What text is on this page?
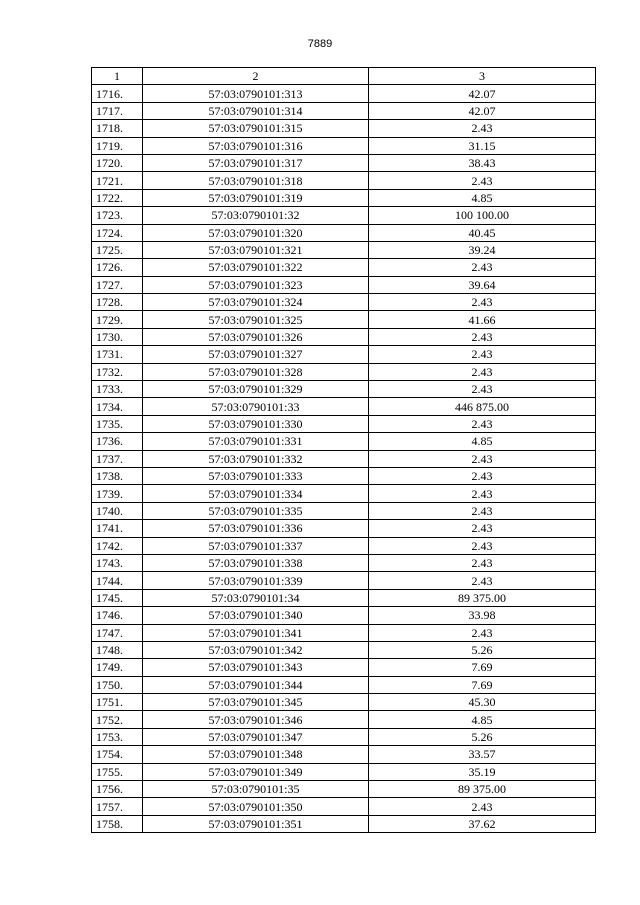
7889
1	2	3
1716.	57:03:0790101:313	42.07
1717.	57:03:0790101:314	42.07
1718.	57:03:0790101:315	2.43
1719.	57:03:0790101:316	31.15
1720.	57:03:0790101:317	38.43
1721.	57:03:0790101:318	2.43
1722.	57:03:0790101:319	4.85
1723.	57:03:0790101:32	100 100.00
1724.	57:03:0790101:320	40.45
1725.	57:03:0790101:321	39.24
1726.	57:03:0790101:322	2.43
1727.	57:03:0790101:323	39.64
1728.	57:03:0790101:324	2.43
1729.	57:03:0790101:325	41.66
1730.	57:03:0790101:326	2.43
1731.	57:03:0790101:327	2.43
1732.	57:03:0790101:328	2.43
1733.	57:03:0790101:329	2.43
1734.	57:03:0790101:33	446 875.00
1735.	57:03:0790101:330	2.43
1736.	57:03:0790101:331	4.85
1737.	57:03:0790101:332	2.43
1738.	57:03:0790101:333	2.43
1739.	57:03:0790101:334	2.43
1740.	57:03:0790101:335	2.43
1741.	57:03:0790101:336	2.43
1742.	57:03:0790101:337	2.43
1743.	57:03:0790101:338	2.43
1744.	57:03:0790101:339	2.43
1745.	57:03:0790101:34	89 375.00
1746.	57:03:0790101:340	33.98
1747.	57:03:0790101:341	2.43
1748.	57:03:0790101:342	5.26
1749.	57:03:0790101:343	7.69
1750.	57:03:0790101:344	7.69
1751.	57:03:0790101:345	45.30
1752.	57:03:0790101:346	4.85
1753.	57:03:0790101:347	5.26
1754.	57:03:0790101:348	33.57
1755.	57:03:0790101:349	35.19
1756.	57:03:0790101:35	89 375.00
1757.	57:03:0790101:350	2.43
1758.	57:03:0790101:351	37.62
